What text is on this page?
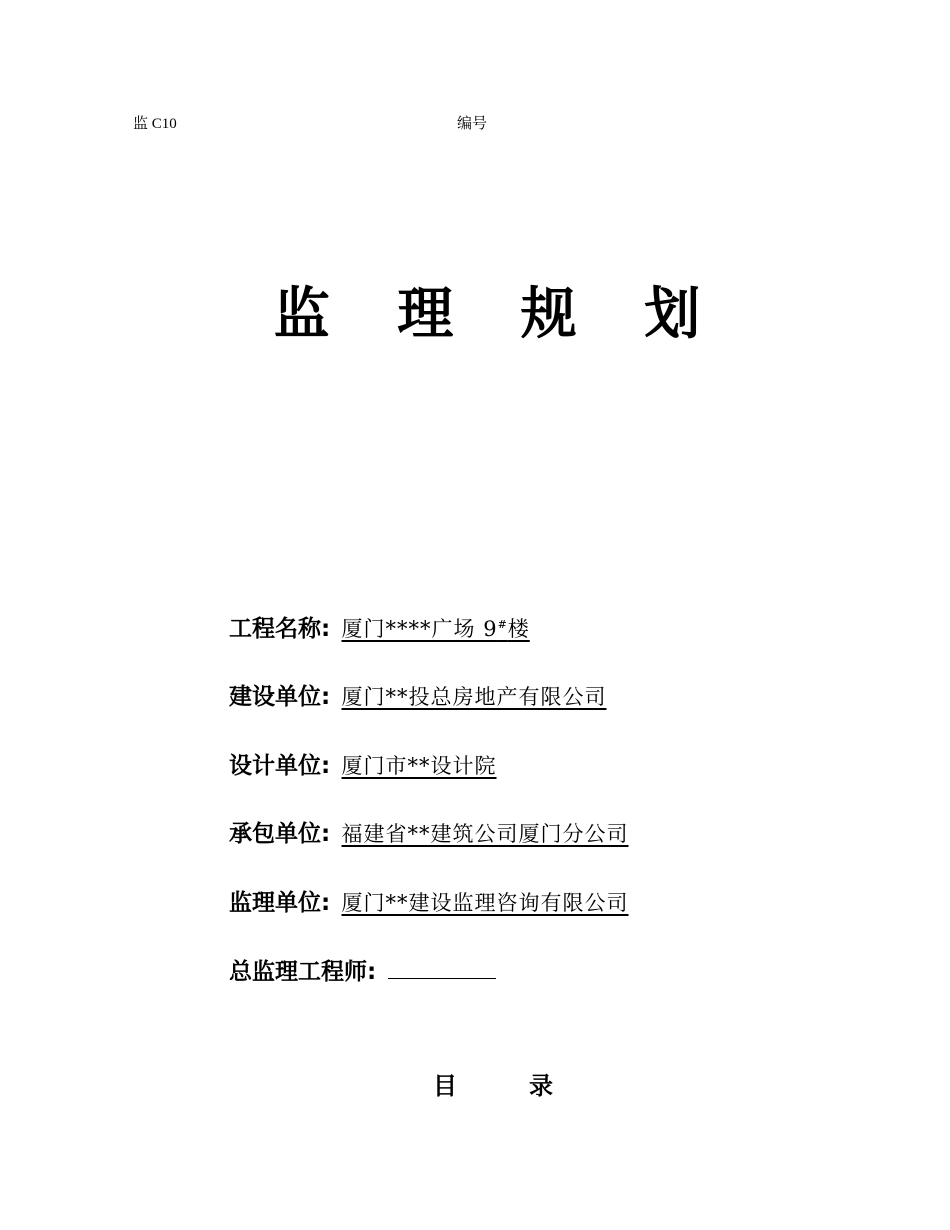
监 C10	编号
监 理 规 划
工程名称: 厦门****广场 9#楼
建设单位: 厦门**投总房地产有限公司
设计单位: 厦门市**设计院
承包单位: 福建省**建筑公司厦门分公司
监理单位: 厦门**建设监理咨询有限公司
总监理工程师:
目	录
